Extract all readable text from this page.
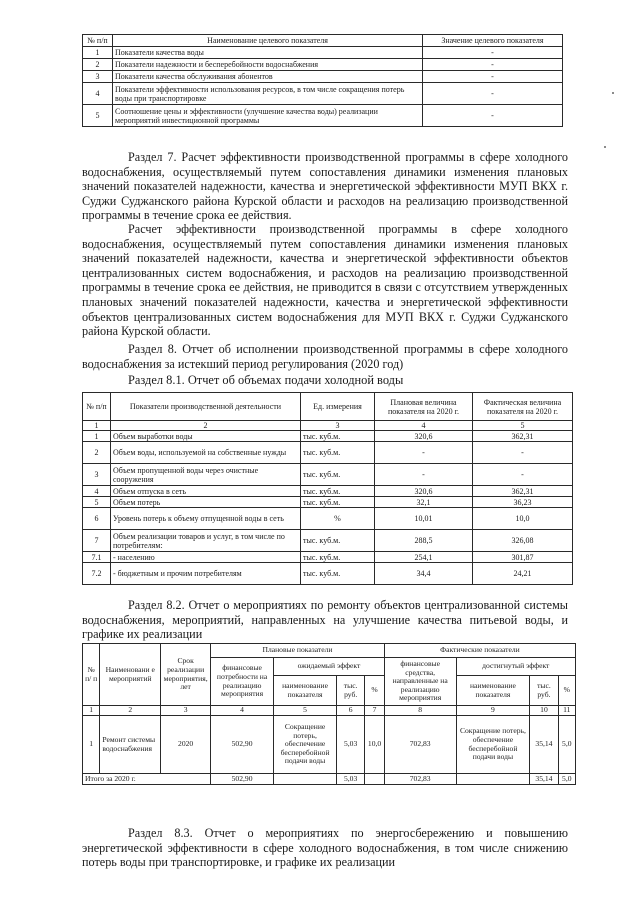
№ п/п	Наименование целевого показателя	Значение целевого показателя
1	Показатели качества воды	-
2	Показатели надежности и бесперебойности водоснабжения	-
3	Показатели качества обслуживания абонентов	-
4	Показатели эффективности использования ресурсов, в том числе сокращения потерь воды при транспортировке	-
5	Соотношение цены и эффективности (улучшение качества воды) реализации мероприятий инвестиционной программы	-
Раздел 7. Расчет эффективности производственной программы в сфере холодного водоснабжения, осуществляемый путем сопоставления динамики изменения плановых значений показателей надежности, качества и энергетической эффективности МУП ВКХ г. Суджи Суджанского района Курской области и расходов на реализацию производственной программы в течение срока ее действия.
Расчет эффективности производственной программы в сфере холодного водоснабжения, осуществляемый путем сопоставления динамики изменения плановых значений показателей надежности, качества и энергетической эффективности объектов централизованных систем водоснабжения, и расходов на реализацию производственной программы в течение срока ее действия, не приводится в связи с отсутствием утвержденных плановых значений показателей надежности, качества и энергетической эффективности объектов централизованных систем водоснабжения для МУП ВКХ г. Суджи Суджанского района Курской области.
Раздел 8. Отчет об исполнении производственной программы в сфере холодного водоснабжения за истекший период регулирования (2020 год)
Раздел 8.1. Отчет об объемах подачи холодной воды
№ п/п	Показатели производственной деятельности	Ед. измерения	Плановая величина показателя на 2020 г.	Фактическая величина показателя на 2020 г.
1	2	3	4	5
1	Объем выработки воды	тыс. куб.м.	320,6	362,31
2	Объем воды, используемой на собственные нужды	тыс. куб.м.	-	-
3	Объем пропущенной воды через очистные сооружения	тыс. куб.м.	-	-
4	Объем отпуска в сеть	тыс. куб.м.	320,6	362,31
5	Объем потерь	тыс. куб.м.	32,1	36,23
6	Уровень потерь к объему отпущенной воды в сеть	%	10,01	10,0
7	Объем реализации товаров и услуг, в том числе по потребителям:	тыс. куб.м.	288,5	326,08
7.1	- населению	тыс. куб.м.	254,1	301,87
7.2	- бюджетным и прочим потребителям	тыс. куб.м.	34,4	24,21
Раздел 8.2. Отчет о мероприятиях по ремонту объектов централизованной системы водоснабжения, мероприятий, направленных на улучшение качества питьевой воды, и графике их реализации
№ п/ п	Наименовани е мероприятий	Срок реализации мероприятия, лет	Плановые показатели				Фактические показатели			
			финансовые потребности на реализацию мероприятия	ожидаемый эффект			финансовые средства, направленные на реализацию мероприятия	достигнутый эффект		
				наименование показателя	тыс. руб.	%		наименование показателя	тыс. руб.	%
1	2	3	4	5	6	7	8	9	10	11
1	Ремонт системы водоснабжения	2020	502,90	Сокращение потерь, обеспечение бесперебойной подачи воды	5,03	10,0	702,83	Сокращение потерь, обеспечение бесперебойной подачи воды	35,14	5,0
Итого за 2020 г.			502,90		5,03		702,83		35,14	5,0
Раздел 8.3. Отчет о мероприятиях по энергосбережению и повышению энергетической эффективности в сфере холодного водоснабжения, в том числе снижению потерь воды при транспортировке, и графике их реализации
